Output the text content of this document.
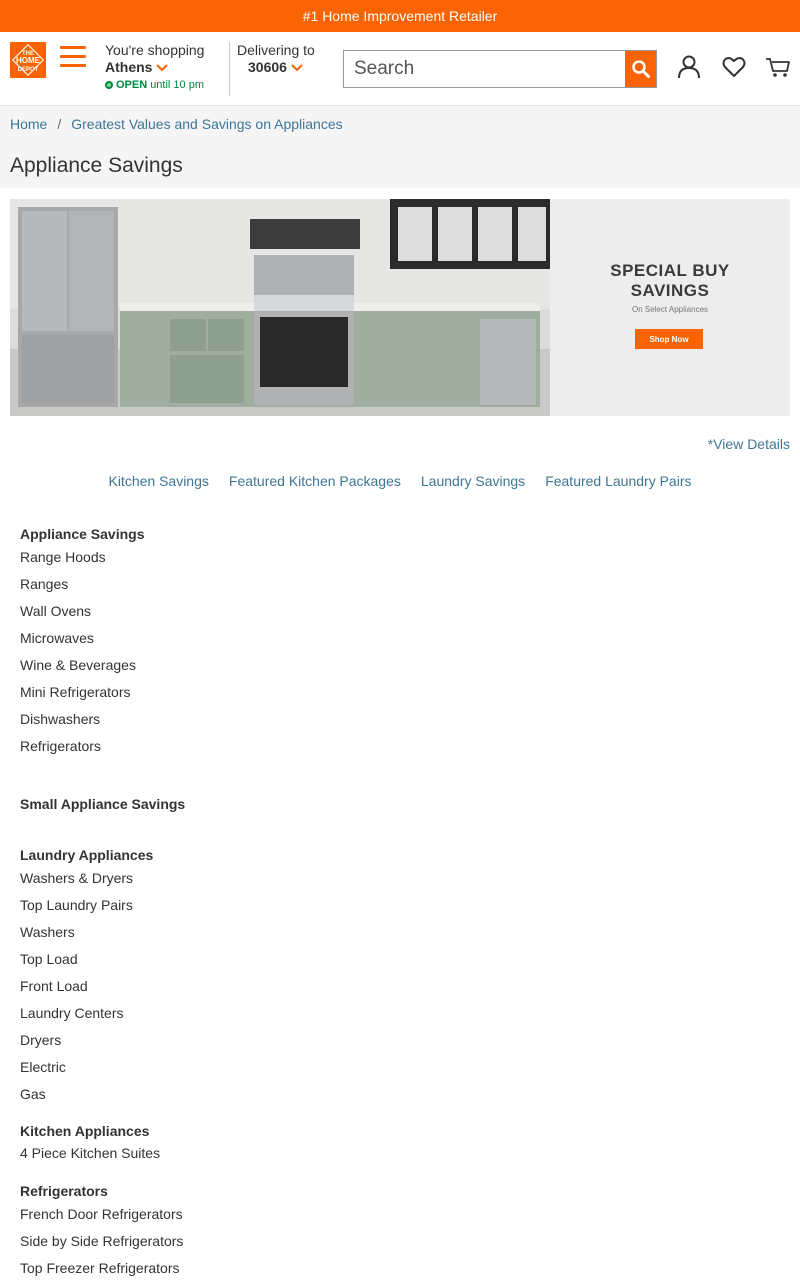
#1 Home Improvement Retailer
THE
HOME
DEPOT
You're shopping
Athens
OPEN until 10 pm
Delivering to
30606
Search
Home / Greatest Values and Savings on Appliances
Appliance Savings
SPECIAL BUY
SAVINGS
On Select Appliances
Shop Now
*View Details
Kitchen Savings Featured Kitchen Packages Laundry Savings Featured Laundry Pairs
Appliance Savings
Range Hoods
Ranges
Wall Ovens
Microwaves
Wine & Beverages
Mini Refrigerators
Dishwashers
Refrigerators
Small Appliance Savings
Laundry Appliances
Washers & Dryers
Top Laundry Pairs
Washers
Top Load
Front Load
Laundry Centers
Dryers
Electric
Gas
Kitchen Appliances
4 Piece Kitchen Suites
Refrigerators
French Door Refrigerators
Side by Side Refrigerators
Top Freezer Refrigerators
